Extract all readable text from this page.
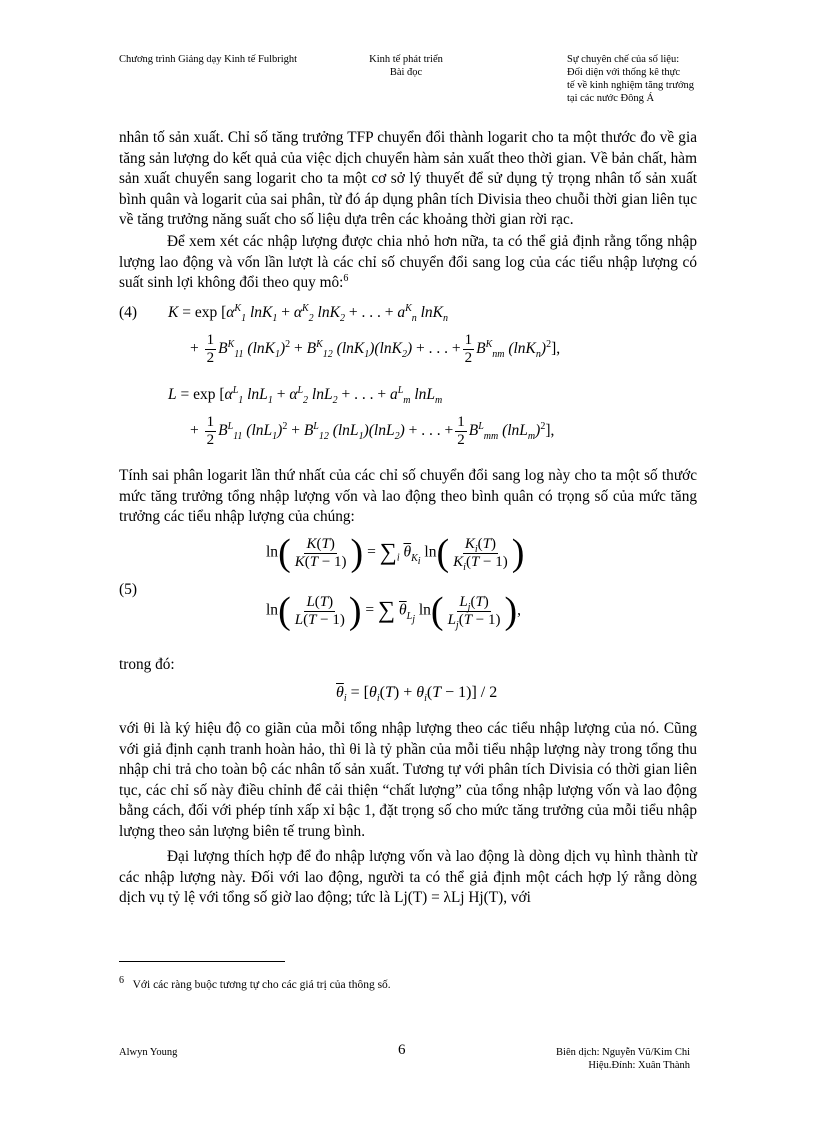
Chương trình Giảng dạy Kinh tế Fulbright	Kinh tế phát triển
Bài đọc
Sự chuyên chế của số liệu:
Đối diện với thống kê thực
tế về kinh nghiệm tăng trưởng
tại các nước Đông Á
nhân tố sản xuất. Chỉ số tăng trưởng TFP chuyển đổi thành logarit cho ta một thước đo về gia tăng sản lượng do kết quả của việc dịch chuyển hàm sản xuất theo thời gian. Về bản chất, hàm sản xuất chuyển sang logarit cho ta một cơ sở lý thuyết để sử dụng tỷ trọng nhân tố sản xuất bình quân và logarit của sai phân, từ đó áp dụng phân tích Divisia theo chuỗi thời gian liên tục về tăng trưởng năng suất cho số liệu dựa trên các khoảng thời gian rời rạc.
Để xem xét các nhập lượng được chia nhỏ hơn nữa, ta có thể giả định rằng tổng nhập lượng lao động và vốn lần lượt là các chỉ số chuyển đổi sang log của các tiểu nhập lượng có suất sinh lợi không đổi theo quy mô:$^6$
(4) $K = \exp [\alpha^K_1$ $\ln K_1 + \alpha^K_2$ lnK$_2$ + . . . + $a^K_n$ lnK$_n$
+ $\frac{1}{2} B^K_{11}$ $(\ln K_1)^2 + B^K_{12}$ (lnK$_1$)(lnK$_2$) + . . . + $\frac{1}{2} B^K_{nm}$ $(\ln K_n)^2$],
$L = \exp [\alpha^L_1$ $\ln L_1 + \alpha^L_2$ lnL$_2$ + . . . + $a^L_m$ lnL$_m$
+ $\frac{1}{2} B^L_{11}$ $(\ln L_1)^2 + B^L_{12}$ (lnL$_1$)(lnL$_2$) + . . . + $\frac{1}{2} B^L_{mm}$ $(\ln L_m)^2$],
Tính sai phân logarit lần thứ nhất của các chỉ số chuyển đổi sang log này cho ta một số thước mức tăng trưởng tổng nhập lượng vốn và lao động theo bình quân có trọng số của mức tăng trưởng các tiểu nhập lượng của chúng:
(5)
$\ln( \frac{K(T)}{K(T - 1)}$ ) = $\sum_i$ $\overline{\theta}_{K_i}$ $\ln( \frac{K_i(T)}{K_i(T - 1)}$ )
$\ln( \frac{L(T)}{L(T - 1)}$ ) = ∑ $\overline{\theta}_{L_j}$ $\ln( \frac{L_j(T)}{L_j(T - 1)}$ ),
trong đó:
$\overline{\theta}_i = [\theta_i(T) + \theta_i(T - 1)] / 2$
với θi là ký hiệu độ co giãn của mỗi tổng nhập lượng theo các tiểu nhập lượng của nó. Cũng với giả định cạnh tranh hoàn hảo, thì θi là tỷ phần của mỗi tiểu nhập lượng này trong tổng thu nhập chi trả cho toàn bộ các nhân tố sản xuất. Tương tự với phân tích Divisia có thời gian liên tục, các chỉ số này điều chỉnh để cải thiện “chất lượng” của tổng nhập lượng vốn và lao động bằng cách, đối với phép tính xấp xỉ bậc 1, đặt trọng số cho mức tăng trưởng của mỗi tiểu nhập lượng theo sản lượng biên tế trung bình.
Đại lượng thích hợp để đo nhập lượng vốn và lao động là dòng dịch vụ hình thành từ các nhập lượng này. Đối với lao động, người ta có thể giả định một cách hợp lý rằng dòng dịch vụ tỷ lệ với tổng số giờ lao động; tức là Lj(T) = λLj Hj(T), với
$^6$ Với các ràng buộc tương tự cho các giá trị của thông số.
Alwyn Young	6	Biên dịch: Nguyễn Vũ/Kim Chi
Hiệu.Đính: Xuân Thành
